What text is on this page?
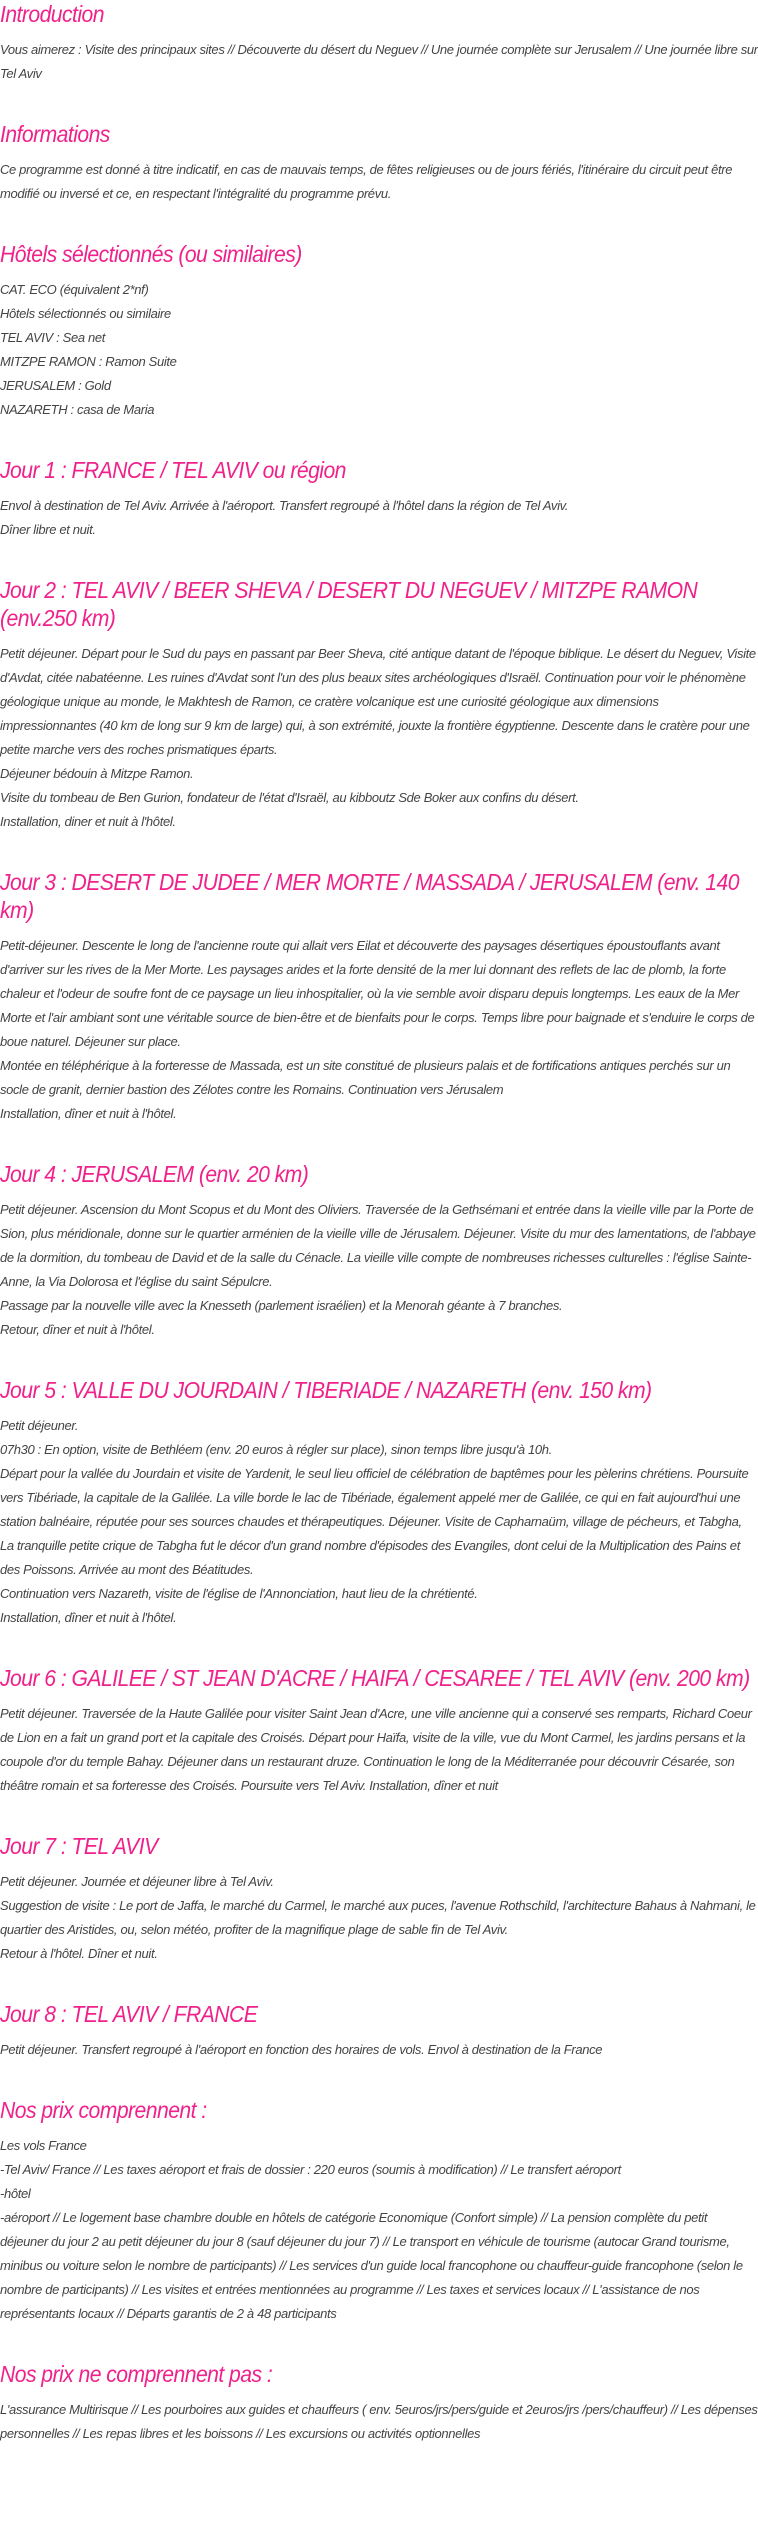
Introduction

Vous aimerez : Visite des principaux sites // Découverte du désert du Neguev // Une journée complète sur Jerusalem // Une journée libre sur Tel Aviv

Informations

Ce programme est donné à titre indicatif, en cas de mauvais temps, de fêtes religieuses ou de jours fériés, l'itinéraire du circuit peut être modifié ou inversé et ce, en respectant l'intégralité du programme prévu.

Hôtels sélectionnés (ou similaires)

CAT. ECO (équivalent 2*nf)

Hôtels sélectionnés ou similaire

TEL AVIV : Sea net

MITZPE RAMON : Ramon Suite

JERUSALEM : Gold

NAZARETH : casa de Maria

Jour 1 : FRANCE / TEL AVIV ou région

Envol à destination de Tel Aviv. Arrivée à l'aéroport. Transfert regroupé à l'hôtel dans la région de Tel Aviv.

Dîner libre et nuit.

Jour 2 : TEL AVIV / BEER SHEVA / DESERT DU NEGUEV / MITZPE RAMON (env.250 km)

Petit déjeuner. Départ pour le Sud du pays en passant par Beer Sheva, cité antique datant de l'époque biblique. Le désert du Neguev, Visite d'Avdat, citée nabatéenne. Les ruines d'Avdat sont l'un des plus beaux sites archéologiques d'Israël. Continuation pour voir le phénomène géologique unique au monde, le Makhtesh de Ramon, ce cratère volcanique est une curiosité géologique aux dimensions impressionnantes (40 km de long sur 9 km de large) qui, à son extrémité, jouxte la frontière égyptienne. Descente dans le cratère pour une petite marche vers des roches prismatiques éparts.

Déjeuner bédouin à Mitzpe Ramon.

Visite du tombeau de Ben Gurion, fondateur de l'état d'Israël, au kibboutz Sde Boker aux confins du désert.

Installation, diner et nuit à l'hôtel.

Jour 3 : DESERT DE JUDEE / MER MORTE / MASSADA / JERUSALEM (env. 140 km)

Petit-déjeuner. Descente le long de l'ancienne route qui allait vers Eilat et découverte des paysages désertiques époustouflants avant d'arriver sur les rives de la Mer Morte. Les paysages arides et la forte densité de la mer lui donnant des reflets de lac de plomb, la forte chaleur et l'odeur de soufre font de ce paysage un lieu inhospitalier, où la vie semble avoir disparu depuis longtemps. Les eaux de la Mer Morte et l'air ambiant sont une véritable source de bien-être et de bienfaits pour le corps. Temps libre pour baignade et s'enduire le corps de boue naturel. Déjeuner sur place.

Montée en téléphérique à la forteresse de Massada, est un site constitué de plusieurs palais et de fortifications antiques perchés sur un socle de granit, dernier bastion des Zélotes contre les Romains. Continuation vers Jérusalem

Installation, dîner et nuit à l'hôtel.

Jour 4 : JERUSALEM (env. 20 km)

Petit déjeuner. Ascension du Mont Scopus et du Mont des Oliviers. Traversée de la Gethsémani et entrée dans la vieille ville par la Porte de Sion, plus méridionale, donne sur le quartier arménien de la vieille ville de Jérusalem. Déjeuner. Visite du mur des lamentations, de l'abbaye de la dormition, du tombeau de David et de la salle du Cénacle. La vieille ville compte de nombreuses richesses culturelles : l'église Sainte-Anne, la Via Dolorosa et l'église du saint Sépulcre.

Passage par la nouvelle ville avec la Knesseth (parlement israélien) et la Menorah géante à 7 branches.

Retour, dîner et nuit à l'hôtel.

Jour 5 : VALLE DU JOURDAIN / TIBERIADE / NAZARETH (env. 150 km)

Petit déjeuner.

07h30 : En option, visite de Bethléem (env. 20 euros à régler sur place), sinon temps libre jusqu'à 10h.

Départ pour la vallée du Jourdain et visite de Yardenit, le seul lieu officiel de célébration de baptêmes pour les pèlerins chrétiens. Poursuite vers Tibériade, la capitale de la Galilée. La ville borde le lac de Tibériade, également appelé mer de Galilée, ce qui en fait aujourd'hui une station balnéaire, réputée pour ses sources chaudes et thérapeutiques. Déjeuner. Visite de Capharnaüm, village de pécheurs, et Tabgha, La tranquille petite crique de Tabgha fut le décor d'un grand nombre d'épisodes des Evangiles, dont celui de la Multiplication des Pains et des Poissons. Arrivée au mont des Béatitudes.

Continuation vers Nazareth, visite de l'église de l'Annonciation, haut lieu de la chrétienté.

Installation, dîner et nuit à l'hôtel.

Jour 6 : GALILEE / ST JEAN D'ACRE / HAIFA / CESAREE / TEL AVIV (env. 200 km)

Petit déjeuner. Traversée de la Haute Galilée pour visiter Saint Jean d'Acre, une ville ancienne qui a conservé ses remparts, Richard Coeur de Lion en a fait un grand port et la capitale des Croisés. Départ pour Haïfa, visite de la ville, vue du Mont Carmel, les jardins persans et la coupole d'or du temple Bahay. Déjeuner dans un restaurant druze. Continuation le long de la Méditerranée pour découvrir Césarée, son théâtre romain et sa forteresse des Croisés. Poursuite vers Tel Aviv. Installation, dîner et nuit

Jour 7 : TEL AVIV

Petit déjeuner. Journée et déjeuner libre à Tel Aviv.

Suggestion de visite : Le port de Jaffa, le marché du Carmel, le marché aux puces, l'avenue Rothschild, l'architecture Bahaus à Nahmani, le quartier des Aristides, ou, selon météo, profiter de la magnifique plage de sable fin de Tel Aviv.

Retour à l'hôtel. Dîner et nuit.

Jour 8 : TEL AVIV / FRANCE

Petit déjeuner. Transfert regroupé à l'aéroport en fonction des horaires de vols. Envol à destination de la France

Nos prix comprennent :

Les vols France

-Tel Aviv/ France // Les taxes aéroport et frais de dossier : 220 euros (soumis à modification) // Le transfert aéroport

-hôtel

-aéroport // Le logement base chambre double en hôtels de catégorie Economique (Confort simple) // La pension complète du petit déjeuner du jour 2 au petit déjeuner du jour 8 (sauf déjeuner du jour 7) // Le transport en véhicule de tourisme (autocar Grand tourisme, minibus ou voiture selon le nombre de participants) // Les services d'un guide local francophone ou chauffeur-guide francophone (selon le nombre de participants) // Les visites et entrées mentionnées au programme // Les taxes et services locaux // L'assistance de nos représentants locaux // Départs garantis de 2 à 48 participants

Nos prix ne comprennent pas :

L'assurance Multirisque // Les pourboires aux guides et chauffeurs ( env. 5euros/jrs/pers/guide et 2euros/jrs /pers/chauffeur) // Les dépenses personnelles // Les repas libres et les boissons // Les excursions ou activités optionnelles
